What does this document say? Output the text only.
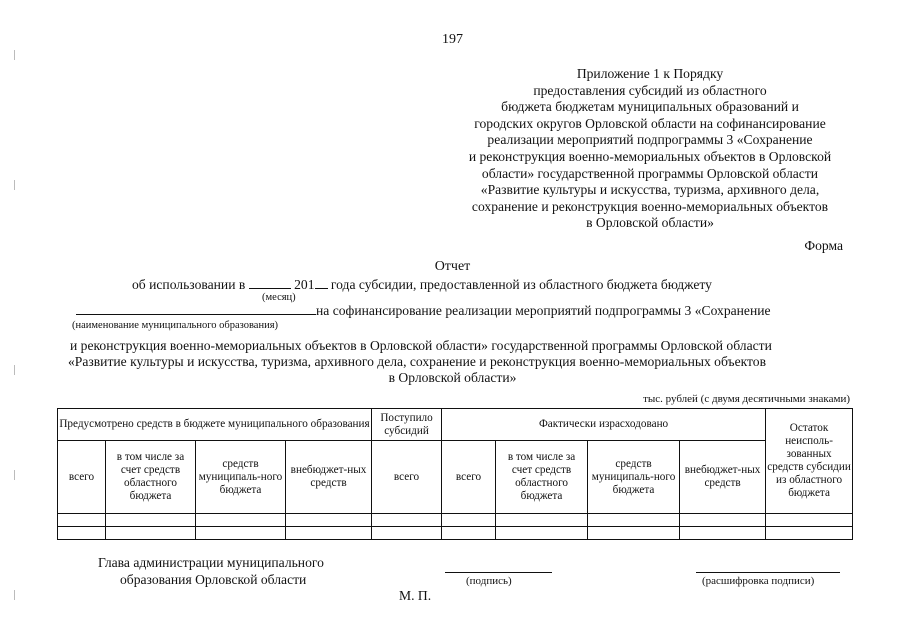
197
Приложение 1 к Порядку
предоставления субсидий из областного
бюджета бюджетам муниципальных образований и
городских округов Орловской области на софинансирование
реализации мероприятий подпрограммы 3 «Сохранение
и реконструкция военно-мемориальных объектов в Орловской
области» государственной программы Орловской области
«Развитие культуры и искусства, туризма, архивного дела,
сохранение и реконструкция военно-мемориальных объектов
в Орловской области»
Форма
Отчет
об использовании в	201 года субсидии, предоставленной из областного бюджета бюджету
(месяц)
на софинансирование реализации мероприятий подпрограммы 3 «Сохранение
(наименование муниципального образования)
и реконструкция военно-мемориальных объектов в Орловской области» государственной программы Орловской области
«Развитие культуры и искусства, туризма, архивного дела, сохранение и реконструкция военно-мемориальных объектов
в Орловской области»
тыс. рублей (с двумя десятичными знаками)
Предусмотрено средств в бюджете муниципального образования				Поступило субсидий	Фактически израсходовано				Остаток неисполь-зованных средств субсидии из областного бюджета
всего	в том числе за счет средств областного бюджета	средств муниципаль-ного бюджета	внебюджет-ных средств	всего	всего	в том числе за счет средств областного бюджета	средств муниципаль-ного бюджета	внебюджет-ных средств	

Глава администрации муниципального
образования Орловской области	(подпись)	(расшифровка подписи)
М. П.
